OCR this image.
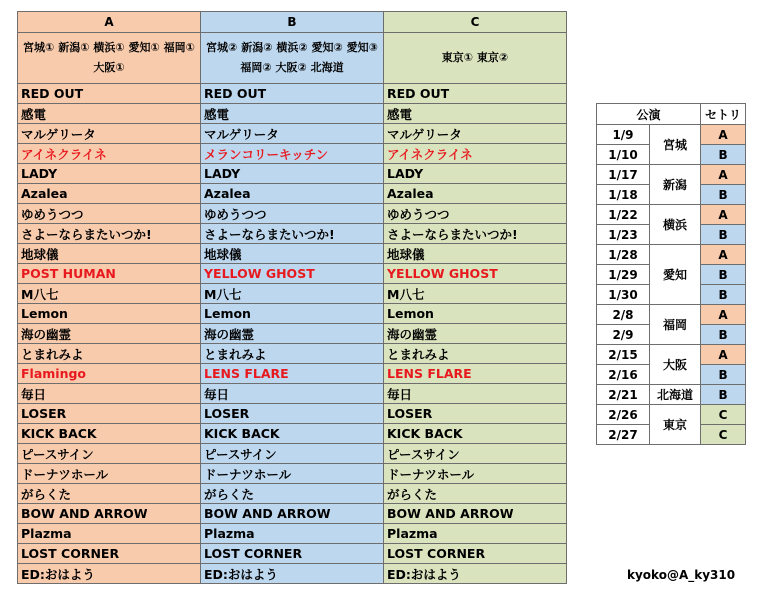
A	B	C
宮城① 新潟① 横浜① 愛知① 福岡① 大阪①	宮城② 新潟② 横浜② 愛知② 愛知③ 福岡② 大阪② 北海道	東京① 東京②
RED OUT	RED OUT	RED OUT
感電	感電	感電
マルゲリータ	マルゲリータ	マルゲリータ
アイネクライネ	メランコリーキッチン	アイネクライネ
LADY	LADY	LADY
Azalea	Azalea	Azalea
ゆめうつつ	ゆめうつつ	ゆめうつつ
さよーならまたいつか!	さよーならまたいつか!	さよーならまたいつか!
地球儀	地球儀	地球儀
POST HUMAN	YELLOW GHOST	YELLOW GHOST
M八七	M八七	M八七
Lemon	Lemon	Lemon
海の幽霊	海の幽霊	海の幽霊
とまれみよ	とまれみよ	とまれみよ
Flamingo	LENS FLARE	LENS FLARE
毎日	毎日	毎日
LOSER	LOSER	LOSER
KICK BACK	KICK BACK	KICK BACK
ピースサイン	ピースサイン	ピースサイン
ドーナツホール	ドーナツホール	ドーナツホール
がらくた	がらくた	がらくた
BOW AND ARROW	BOW AND ARROW	BOW AND ARROW
Plazma	Plazma	Plazma
LOST CORNER	LOST CORNER	LOST CORNER
ED:おはよう	ED:おはよう	ED:おはよう
公演		セトリ
1/9	宮城	A
1/10		B
1/17	新潟	A
1/18		B
1/22	横浜	A
1/23		B
1/28	愛知	A
1/29		B
1/30		B
2/8	福岡	A
2/9		B
2/15	大阪	A
2/16		B
2/21	北海道	B
2/26	東京	C
2/27		C
kyoko@A_ky310
